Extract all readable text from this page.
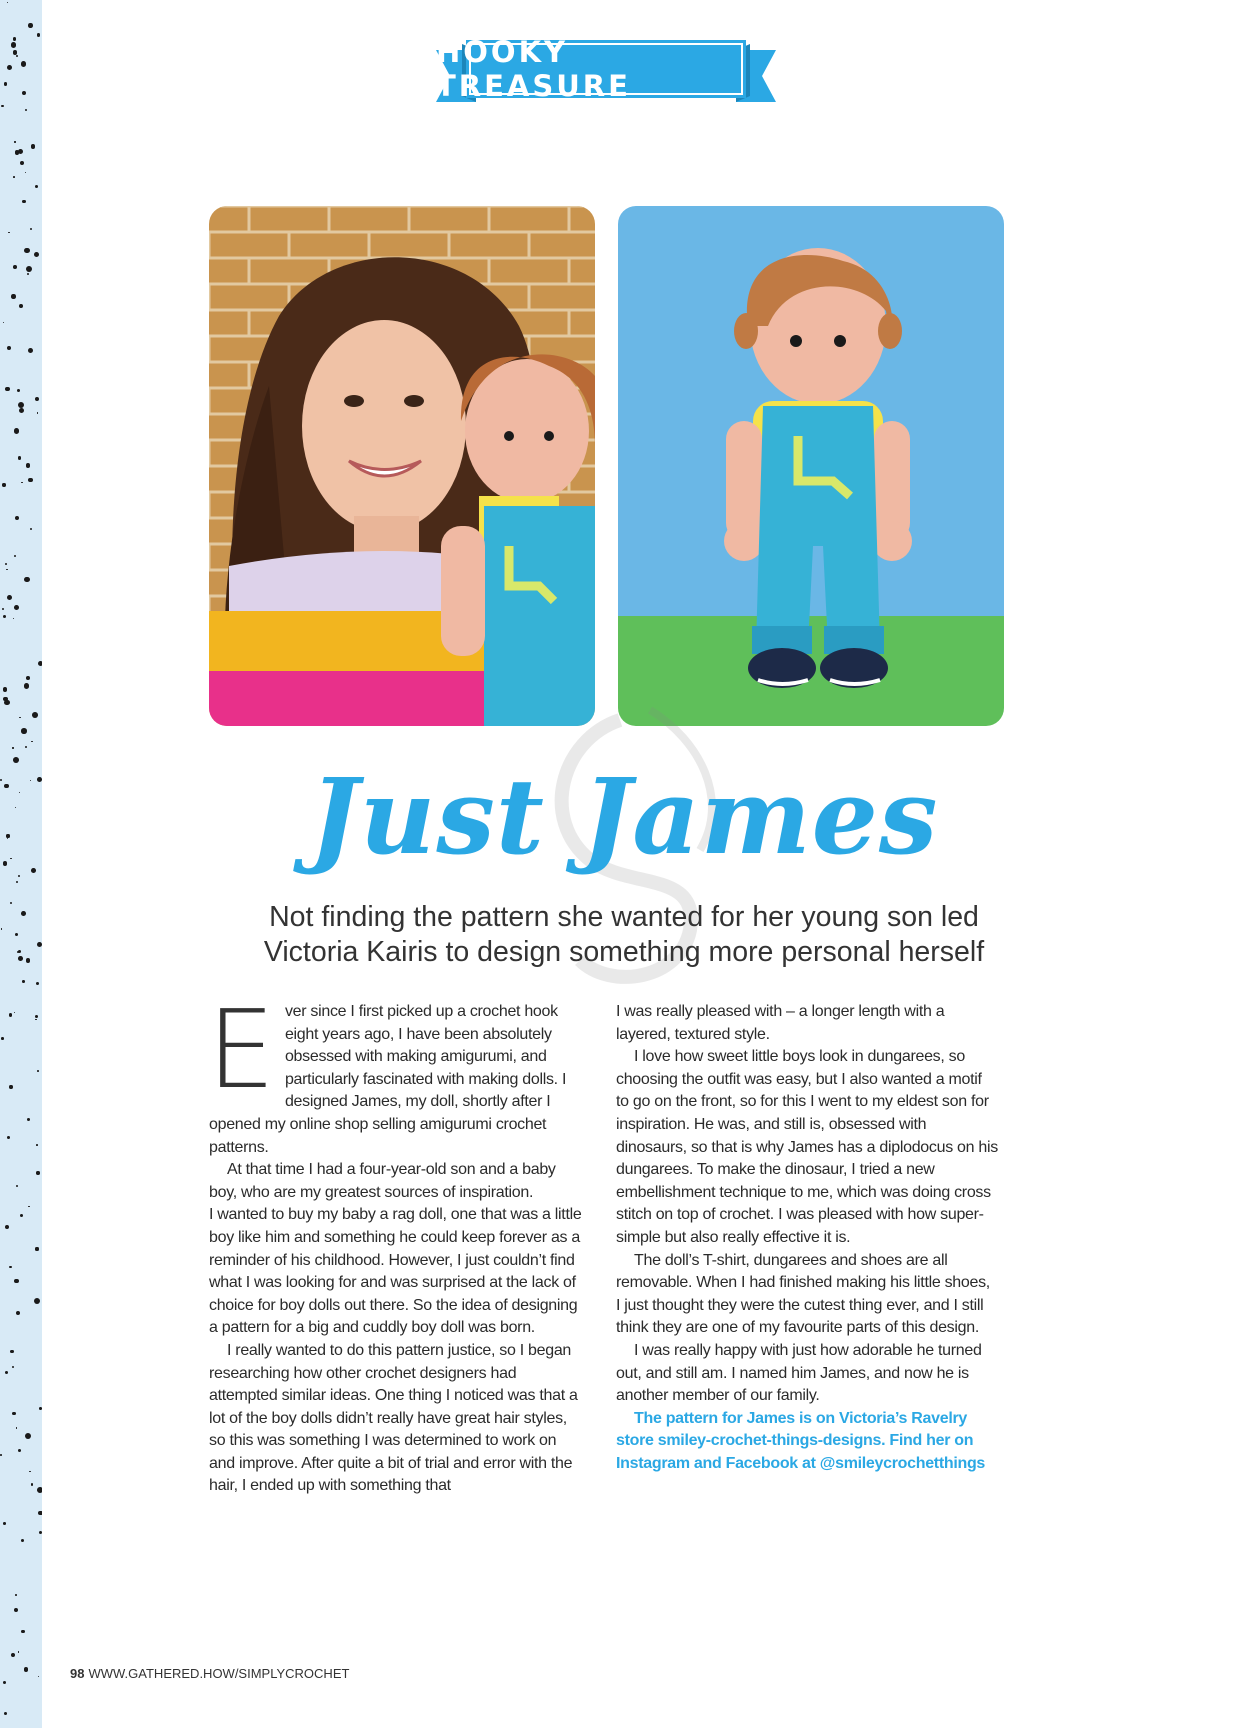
HOOKY TREASURE
Just James
Not finding the pattern she wanted for her young son led
Victoria Kairis to design something more personal herself

Ever since I first picked up a crochet hook eight years ago, I have been absolutely obsessed with making amigurumi, and particularly fascinated with making dolls. I designed James, my doll, shortly after I opened my online shop selling amigurumi crochet patterns.

At that time I had a four-year-old son and a baby boy, who are my greatest sources of inspiration.

I wanted to buy my baby a rag doll, one that was a little boy like him and something he could keep forever as a reminder of his childhood. However, I just couldn’t find what I was looking for and was surprised at the lack of choice for boy dolls out there. So the idea of designing a pattern for a big and cuddly boy doll was born.

I really wanted to do this pattern justice, so I began researching how other crochet designers had attempted similar ideas. One thing I noticed was that a lot of the boy dolls didn’t really have great hair styles, so this was something I was determined to work on and improve. After quite a bit of trial and error with the hair, I ended up with something that

I was really pleased with – a longer length with a layered, textured style.

I love how sweet little boys look in dungarees, so choosing the outfit was easy, but I also wanted a motif to go on the front, so for this I went to my eldest son for inspiration. He was, and still is, obsessed with dinosaurs, so that is why James has a diplodocus on his dungarees. To make the dinosaur, I tried a new embellishment technique to me, which was doing cross stitch on top of crochet. I was pleased with how super-simple but also really effective it is.

The doll’s T-shirt, dungarees and shoes are all removable. When I had finished making his little shoes, I just thought they were the cutest thing ever, and I still think they are one of my favourite parts of this design.

I was really happy with just how adorable he turned out, and still am. I named him James, and now he is another member of our family.

The pattern for James is on Victoria’s Ravelry store smiley-crochet-things-designs. Find her on Instagram and Facebook at @smileycrochetthings

98 WWW.GATHERED.HOW/SIMPLYCROCHET
